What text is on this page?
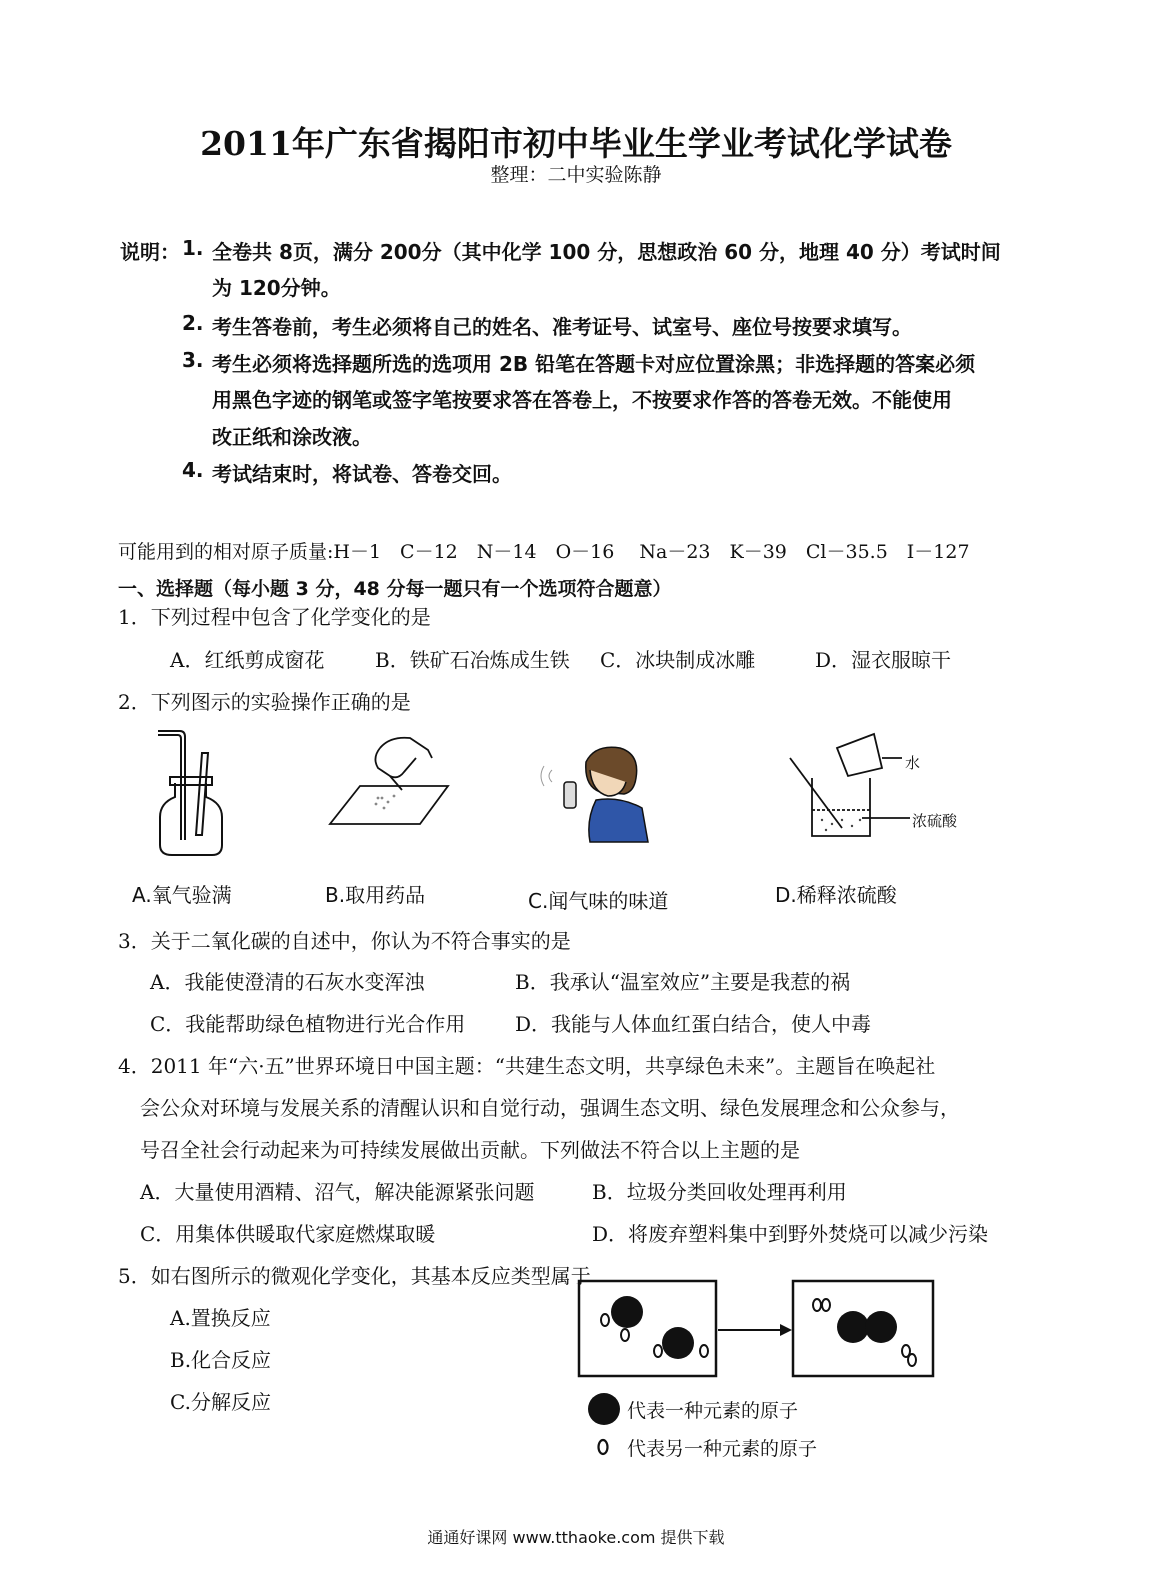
2011年广东省揭阳市初中毕业生学业考试化学试卷
整理：二中实验陈静
说明： 1. 全卷共 8页，满分 200分（其中化学 100 分，思想政治 60 分，地理 40 分）考试时间
为 120分钟。
2. 考生答卷前，考生必须将自己的姓名、准考证号、试室号、座位号按要求填写。
3. 考生必须将选择题所选的选项用 2B 铅笔在答题卡对应位置涂黑；非选择题的答案必须
用黑色字迹的钢笔或签字笔按要求答在答卷上，不按要求作答的答卷无效。不能使用
改正纸和涂改液。
4. 考试结束时，将试卷、答卷交回。
可能用到的相对原子质量:H－1　C－12　N－14　O－16　 Na－23　K－39　Cl－35.5　I－127
一、选择题（每小题 3 分，48 分每一题只有一个选项符合题意）
1．下列过程中包含了化学变化的是
A．红纸剪成窗花	B．铁矿石冶炼成生铁 C．冰块制成冰雕	D．湿衣服晾干
2．下列图示的实验操作正确的是
水
浓硫酸
A.氧气验满	B.取用药品	C.闻气味的味道	D.稀释浓硫酸
3．关于二氧化碳的自述中，你认为不符合事实的是
A．我能使澄清的石灰水变浑浊	B．我承认“温室效应”主要是我惹的祸
C．我能帮助绿色植物进行光合作用 D．我能与人体血红蛋白结合，使人中毒
4．2011 年“六·五”世界环境日中国主题：“共建生态文明，共享绿色未来”。主题旨在唤起社
会公众对环境与发展关系的清醒认识和自觉行动，强调生态文明、绿色发展理念和公众参与，
号召全社会行动起来为可持续发展做出贡献。下列做法不符合以上主题的是
A．大量使用酒精、沼气，解决能源紧张问题	B．垃圾分类回收处理再利用
C．用集体供暖取代家庭燃煤取暖	D．将废弃塑料集中到野外焚烧可以减少污染
5．如右图所示的微观化学变化，其基本反应类型属于
A.置换反应
B.化合反应
C.分解反应	代表一种元素的原子
代表另一种元素的原子
通通好课网 www.tthaoke.com 提供下载
